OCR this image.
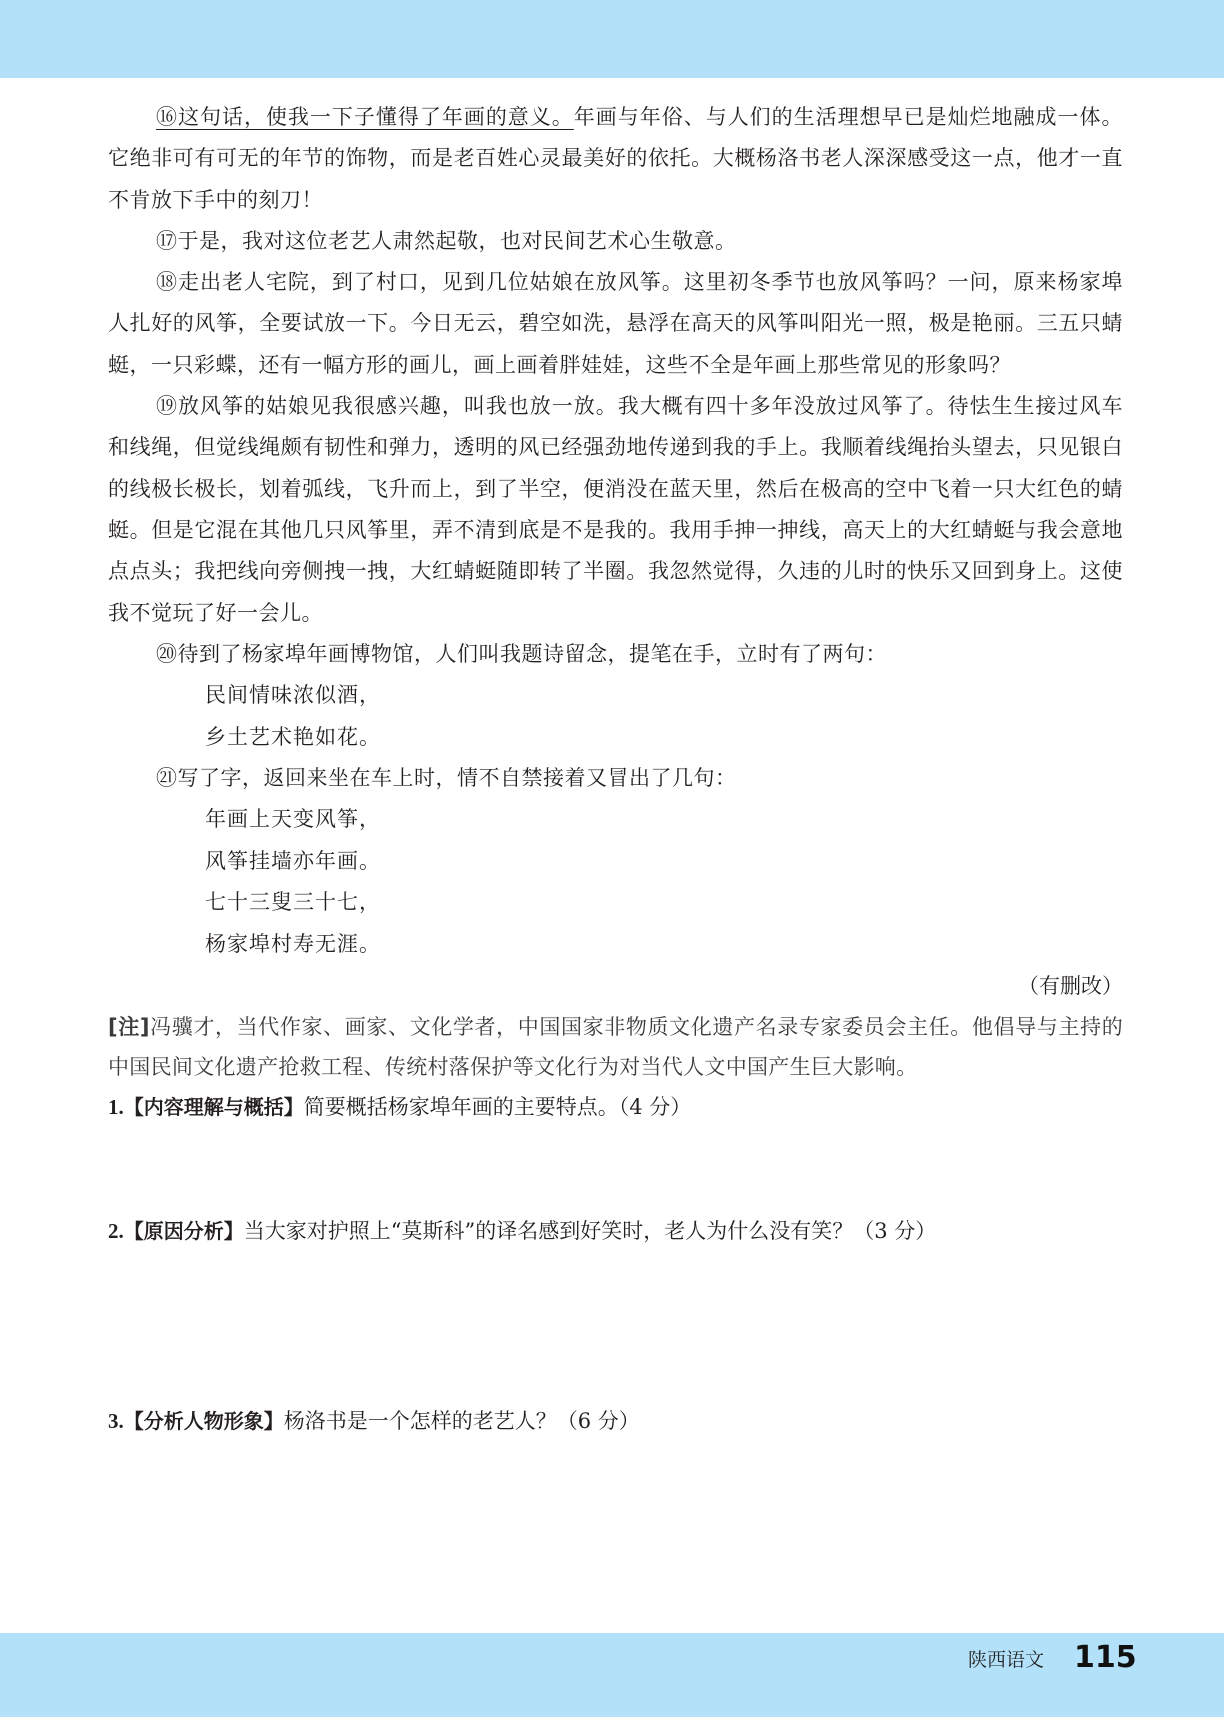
⑯这句话，使我一下子懂得了年画的意义。年画与年俗、与人们的生活理想早已是灿烂地融成一体。它绝非可有可无的年节的饰物，而是老百姓心灵最美好的依托。大概杨洛书老人深深感受这一点，他才一直不肯放下手中的刻刀！

⑰于是，我对这位老艺人肃然起敬，也对民间艺术心生敬意。

⑱走出老人宅院，到了村口，见到几位姑娘在放风筝。这里初冬季节也放风筝吗？一问，原来杨家埠人扎好的风筝，全要试放一下。今日无云，碧空如洗，悬浮在高天的风筝叫阳光一照，极是艳丽。三五只蜻蜓，一只彩蝶，还有一幅方形的画儿，画上画着胖娃娃，这些不全是年画上那些常见的形象吗？

⑲放风筝的姑娘见我很感兴趣，叫我也放一放。我大概有四十多年没放过风筝了。待怯生生接过风车和线绳，但觉线绳颇有韧性和弹力，透明的风已经强劲地传递到我的手上。我顺着线绳抬头望去，只见银白的线极长极长，划着弧线，飞升而上，到了半空，便消没在蓝天里，然后在极高的空中飞着一只大红色的蜻蜓。但是它混在其他几只风筝里，弄不清到底是不是我的。我用手抻一抻线，高天上的大红蜻蜓与我会意地点点头；我把线向旁侧拽一拽，大红蜻蜓随即转了半圈。我忽然觉得，久违的儿时的快乐又回到身上。这使我不觉玩了好一会儿。

⑳待到了杨家埠年画博物馆，人们叫我题诗留念，提笔在手，立时有了两句：

民间情味浓似酒，

乡土艺术艳如花。

㉑写了字，返回来坐在车上时，情不自禁接着又冒出了几句：

年画上天变风筝，

风筝挂墙亦年画。

七十三叟三十七，

杨家埠村寿无涯。

（有删改）

[注]冯骥才，当代作家、画家、文化学者，中国国家非物质文化遗产名录专家委员会主任。他倡导与主持的中国民间文化遗产抢救工程、传统村落保护等文化行为对当代人文中国产生巨大影响。

1.【内容理解与概括】简要概括杨家埠年画的主要特点。（4 分）

2.【原因分析】当大家对护照上“莫斯科”的译名感到好笑时，老人为什么没有笑？（3 分）

3.【分析人物形象】杨洛书是一个怎样的老艺人？（6 分）

陕西语文 115
